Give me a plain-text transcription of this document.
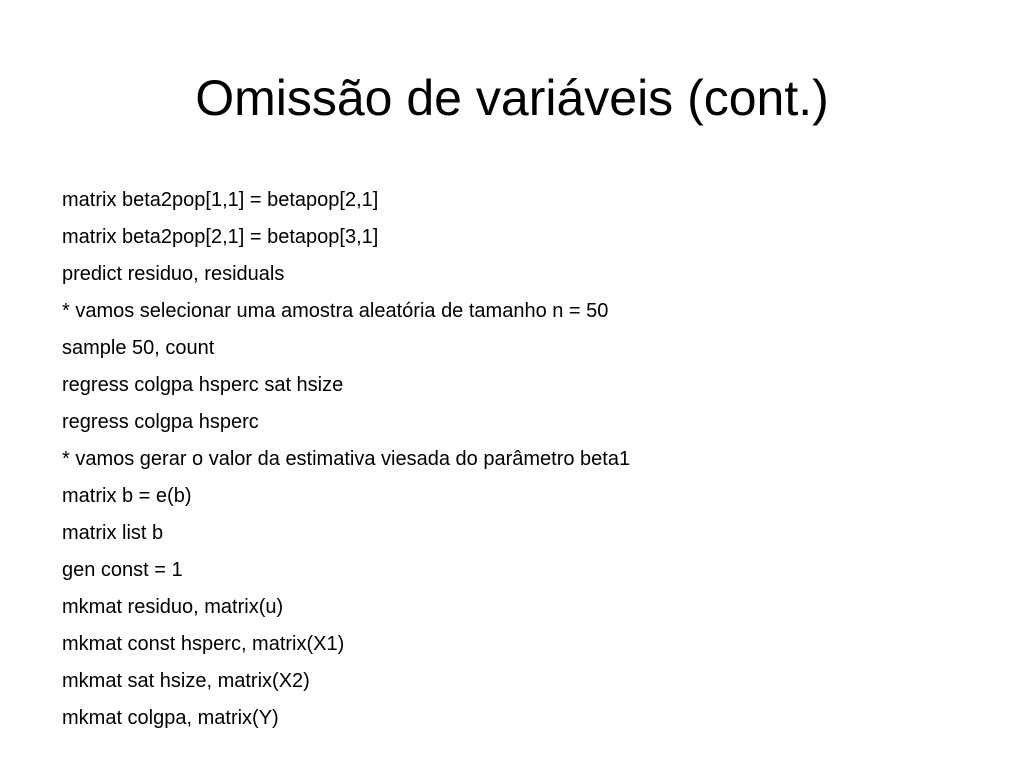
Omissão de variáveis (cont.)
matrix beta2pop[1,1] = betapop[2,1]
matrix beta2pop[2,1] = betapop[3,1]
predict residuo, residuals
* vamos selecionar uma amostra aleatória de tamanho n = 50
sample 50, count
regress colgpa hsperc sat hsize
regress colgpa hsperc
* vamos gerar o valor da estimativa viesada do parâmetro beta1
matrix b = e(b)
matrix list b
gen const = 1
mkmat residuo, matrix(u)
mkmat const hsperc, matrix(X1)
mkmat sat hsize, matrix(X2)
mkmat colgpa, matrix(Y)
